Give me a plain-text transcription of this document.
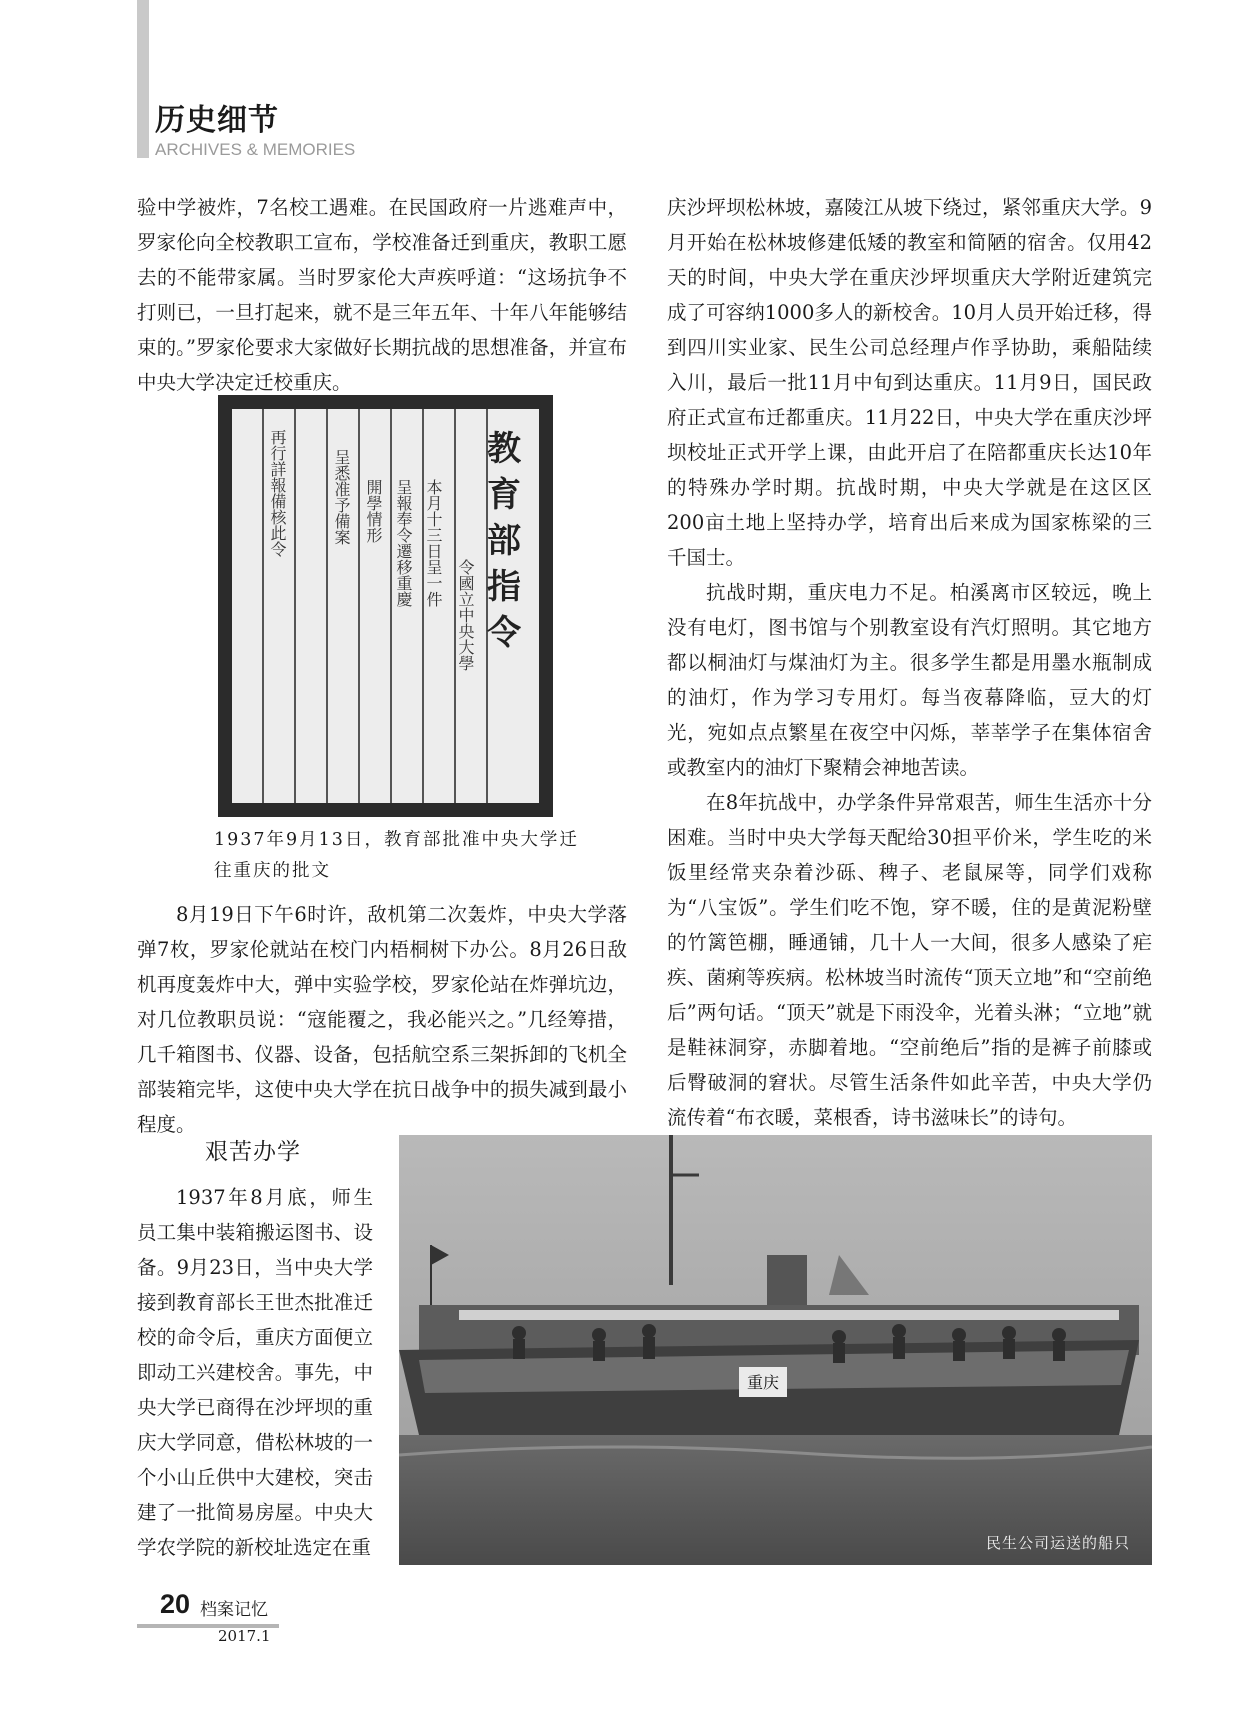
历史细节
ARCHIVES & MEMORIES

验中学被炸，7名校工遇难。在民国政府一片逃难声中，罗家伦向全校教职工宣布，学校准备迁到重庆，教职工愿去的不能带家属。当时罗家伦大声疾呼道：“这场抗争不打则已，一旦打起来，就不是三年五年、十年八年能够结束的。”罗家伦要求大家做好长期抗战的思想准备，并宣布中央大学决定迁校重庆。

教
育
部
指
令
令國立中央大學
本月十三日呈一件
呈報奉令遷移重慶
開學情形
呈悉准予備案
再行詳報備核此令
1937年9月13日，教育部批准中央大学迁往重庆的批文

8月19日下午6时许，敌机第二次轰炸，中央大学落弹7枚，罗家伦就站在校门内梧桐树下办公。8月26日敌机再度轰炸中大，弹中实验学校，罗家伦站在炸弹坑边，对几位教职员说：“寇能覆之，我必能兴之。”几经筹措，几千箱图书、仪器、设备，包括航空系三架拆卸的飞机全部装箱完毕，这使中央大学在抗日战争中的损失减到最小程度。

艰苦办学

1937年8月底，师生员工集中装箱搬运图书、设备。9月23日，当中央大学接到教育部长王世杰批准迁校的命令后，重庆方面便立即动工兴建校舍。事先，中央大学已商得在沙坪坝的重庆大学同意，借松林坡的一个小山丘供中大建校，突击建了一批简易房屋。中央大学农学院的新校址选定在重

庆沙坪坝松林坡，嘉陵江从坡下绕过，紧邻重庆大学。9月开始在松林坡修建低矮的教室和简陋的宿舍。仅用42天的时间，中央大学在重庆沙坪坝重庆大学附近建筑完成了可容纳1000多人的新校舍。10月人员开始迁移，得到四川实业家、民生公司总经理卢作孚协助，乘船陆续入川，最后一批11月中旬到达重庆。11月9日，国民政府正式宣布迁都重庆。11月22日，中央大学在重庆沙坪坝校址正式开学上课，由此开启了在陪都重庆长达10年的特殊办学时期。抗战时期，中央大学就是在这区区200亩土地上坚持办学，培育出后来成为国家栋梁的三千国士。

抗战时期，重庆电力不足。柏溪离市区较远，晚上没有电灯，图书馆与个别教室设有汽灯照明。其它地方都以桐油灯与煤油灯为主。很多学生都是用墨水瓶制成的油灯，作为学习专用灯。每当夜幕降临，豆大的灯光，宛如点点繁星在夜空中闪烁，莘莘学子在集体宿舍或教室内的油灯下聚精会神地苦读。

在8年抗战中，办学条件异常艰苦，师生生活亦十分困难。当时中央大学每天配给30担平价米，学生吃的米饭里经常夹杂着沙砾、稗子、老鼠屎等，同学们戏称为“八宝饭”。学生们吃不饱，穿不暖，住的是黄泥粉壁的竹篱笆棚，睡通铺，几十人一大间，很多人感染了疟疾、菌痢等疾病。松林坡当时流传“顶天立地”和“空前绝后”两句话。“顶天”就是下雨没伞，光着头淋；“立地”就是鞋袜洞穿，赤脚着地。“空前绝后”指的是裤子前膝或后臀破洞的窘状。尽管生活条件如此辛苦，中央大学仍流传着“布衣暖，菜根香，诗书滋味长”的诗句。

重庆
民生公司运送的船只
20 档案记忆
2017.1
